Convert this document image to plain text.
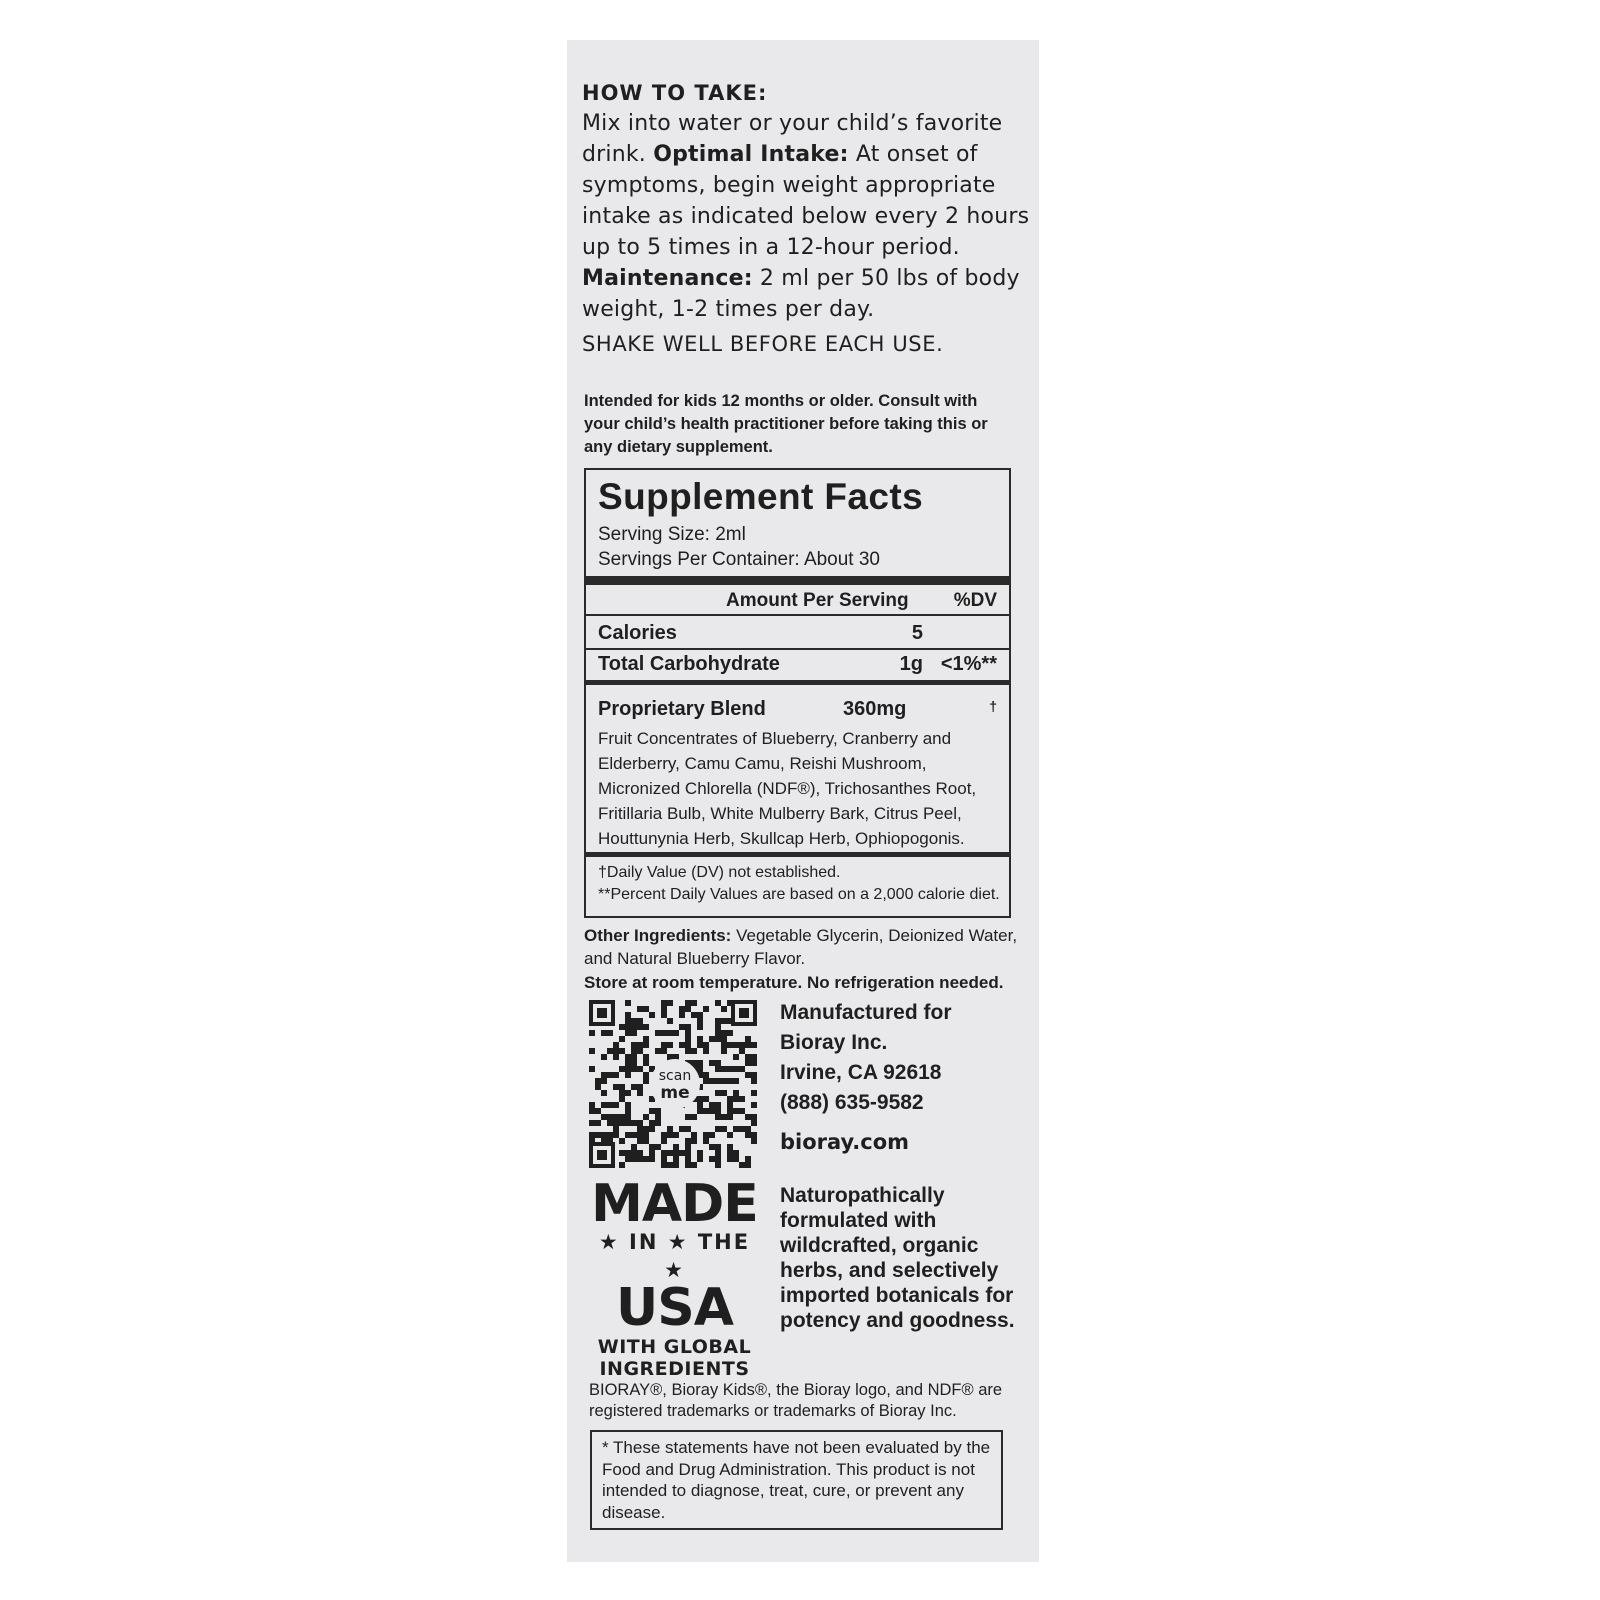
HOW TO TAKE:
Mix into water or your child’s favorite drink. Optimal Intake: At onset of symptoms, begin weight appropriate intake as indicated below every 2 hours up to 5 times in a 12-hour period. Maintenance: 2 ml per 50 lbs of body weight, 1-2 times per day.
SHAKE WELL BEFORE EACH USE.
Intended for kids 12 months or older. Consult with your child’s health practitioner before taking this or any dietary supplement.
Supplement Facts
Serving Size: 2ml
Servings Per Container: About 30
Amount Per Serving %DV
Calories	5
Total Carbohydrate	1g <1%**
Proprietary Blend	360mg	†
Fruit Concentrates of Blueberry, Cranberry and Elderberry, Camu Camu, Reishi Mushroom, Micronized Chlorella (NDF®), Trichosanthes Root, Fritillaria Bulb, White Mulberry Bark, Citrus Peel, Houttunynia Herb, Skullcap Herb, Ophiopogonis.
†Daily Value (DV) not established.
**Percent Daily Values are based on a 2,000 calorie diet.
Other Ingredients: Vegetable Glycerin, Deionized Water, and Natural Blueberry Flavor.
Store at room temperature. No refrigeration needed.
scan
me
Manufactured for
Bioray Inc.
Irvine, CA 92618
(888) 635-9582
bioray.com
MADE
★ IN ★ THE ★
USA
WITH GLOBAL
INGREDIENTS
Naturopathically formulated with wildcrafted, organic herbs, and selectively imported botanicals for potency and goodness.
BIORAY®, Bioray Kids®, the Bioray logo, and NDF® are registered trademarks or trademarks of Bioray Inc.
* These statements have not been evaluated by the Food and Drug Administration. This product is not intended to diagnose, treat, cure, or prevent any disease.
